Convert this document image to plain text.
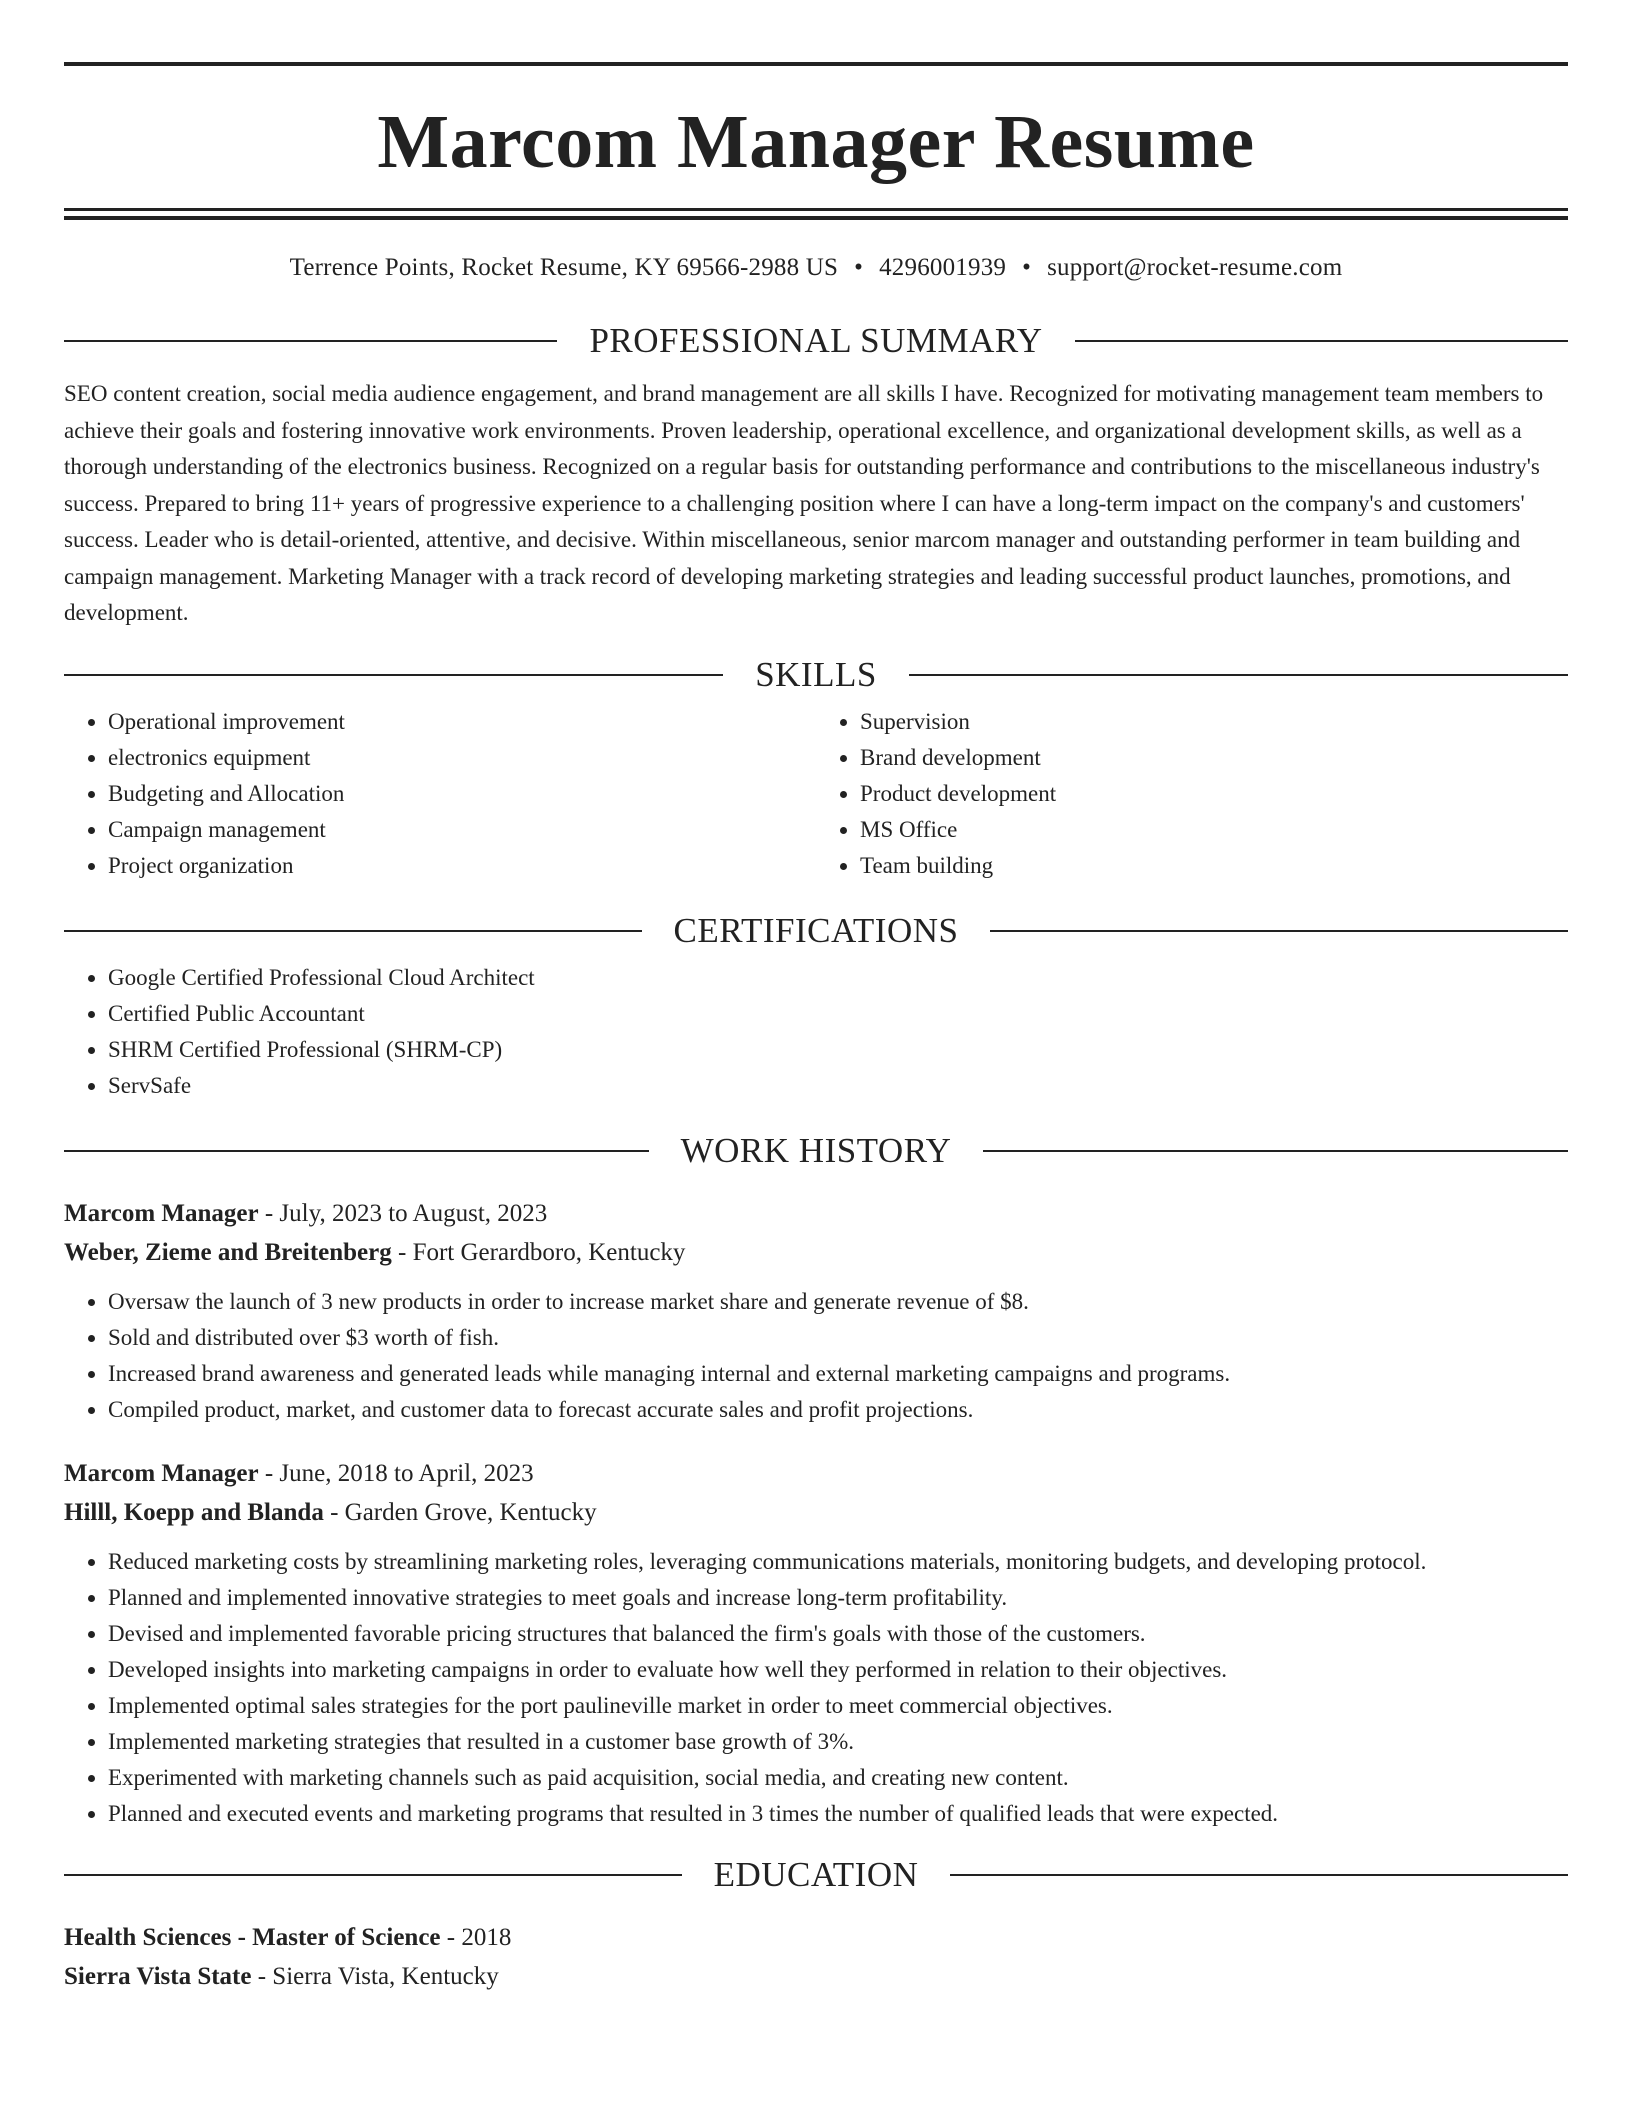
Marcom Manager Resume
Terrence Points, Rocket Resume, KY 69566-2988 US • 4296001939 • support@rocket-resume.com
PROFESSIONAL SUMMARY

SEO content creation, social media audience engagement, and brand management are all skills I have. Recognized for motivating management team members to achieve their goals and fostering innovative work environments. Proven leadership, operational excellence, and organizational development skills, as well as a thorough understanding of the electronics business. Recognized on a regular basis for outstanding performance and contributions to the miscellaneous industry's success. Prepared to bring 11+ years of progressive experience to a challenging position where I can have a long-term impact on the company's and customers' success. Leader who is detail-oriented, attentive, and decisive. Within miscellaneous, senior marcom manager and outstanding performer in team building and campaign management. Marketing Manager with a track record of developing marketing strategies and leading successful product launches, promotions, and development.

SKILLS
• Operational improvement
• electronics equipment
• Budgeting and Allocation
• Campaign management
• Project organization
• Supervision
• Brand development
• Product development
• MS Office
• Team building
CERTIFICATIONS
• Google Certified Professional Cloud Architect
• Certified Public Accountant
• SHRM Certified Professional (SHRM-CP)
• ServSafe
WORK HISTORY
Marcom Manager - July, 2023 to August, 2023
Weber, Zieme and Breitenberg - Fort Gerardboro, Kentucky
• Oversaw the launch of 3 new products in order to increase market share and generate revenue of $8.
• Sold and distributed over $3 worth of fish.
• Increased brand awareness and generated leads while managing internal and external marketing campaigns and programs.
• Compiled product, market, and customer data to forecast accurate sales and profit projections.
Marcom Manager - June, 2018 to April, 2023
Hilll, Koepp and Blanda - Garden Grove, Kentucky
• Reduced marketing costs by streamlining marketing roles, leveraging communications materials, monitoring budgets, and developing protocol.
• Planned and implemented innovative strategies to meet goals and increase long-term profitability.
• Devised and implemented favorable pricing structures that balanced the firm's goals with those of the customers.
• Developed insights into marketing campaigns in order to evaluate how well they performed in relation to their objectives.
• Implemented optimal sales strategies for the port paulineville market in order to meet commercial objectives.
• Implemented marketing strategies that resulted in a customer base growth of 3%.
• Experimented with marketing channels such as paid acquisition, social media, and creating new content.
• Planned and executed events and marketing programs that resulted in 3 times the number of qualified leads that were expected.
EDUCATION
Health Sciences - Master of Science - 2018
Sierra Vista State - Sierra Vista, Kentucky
